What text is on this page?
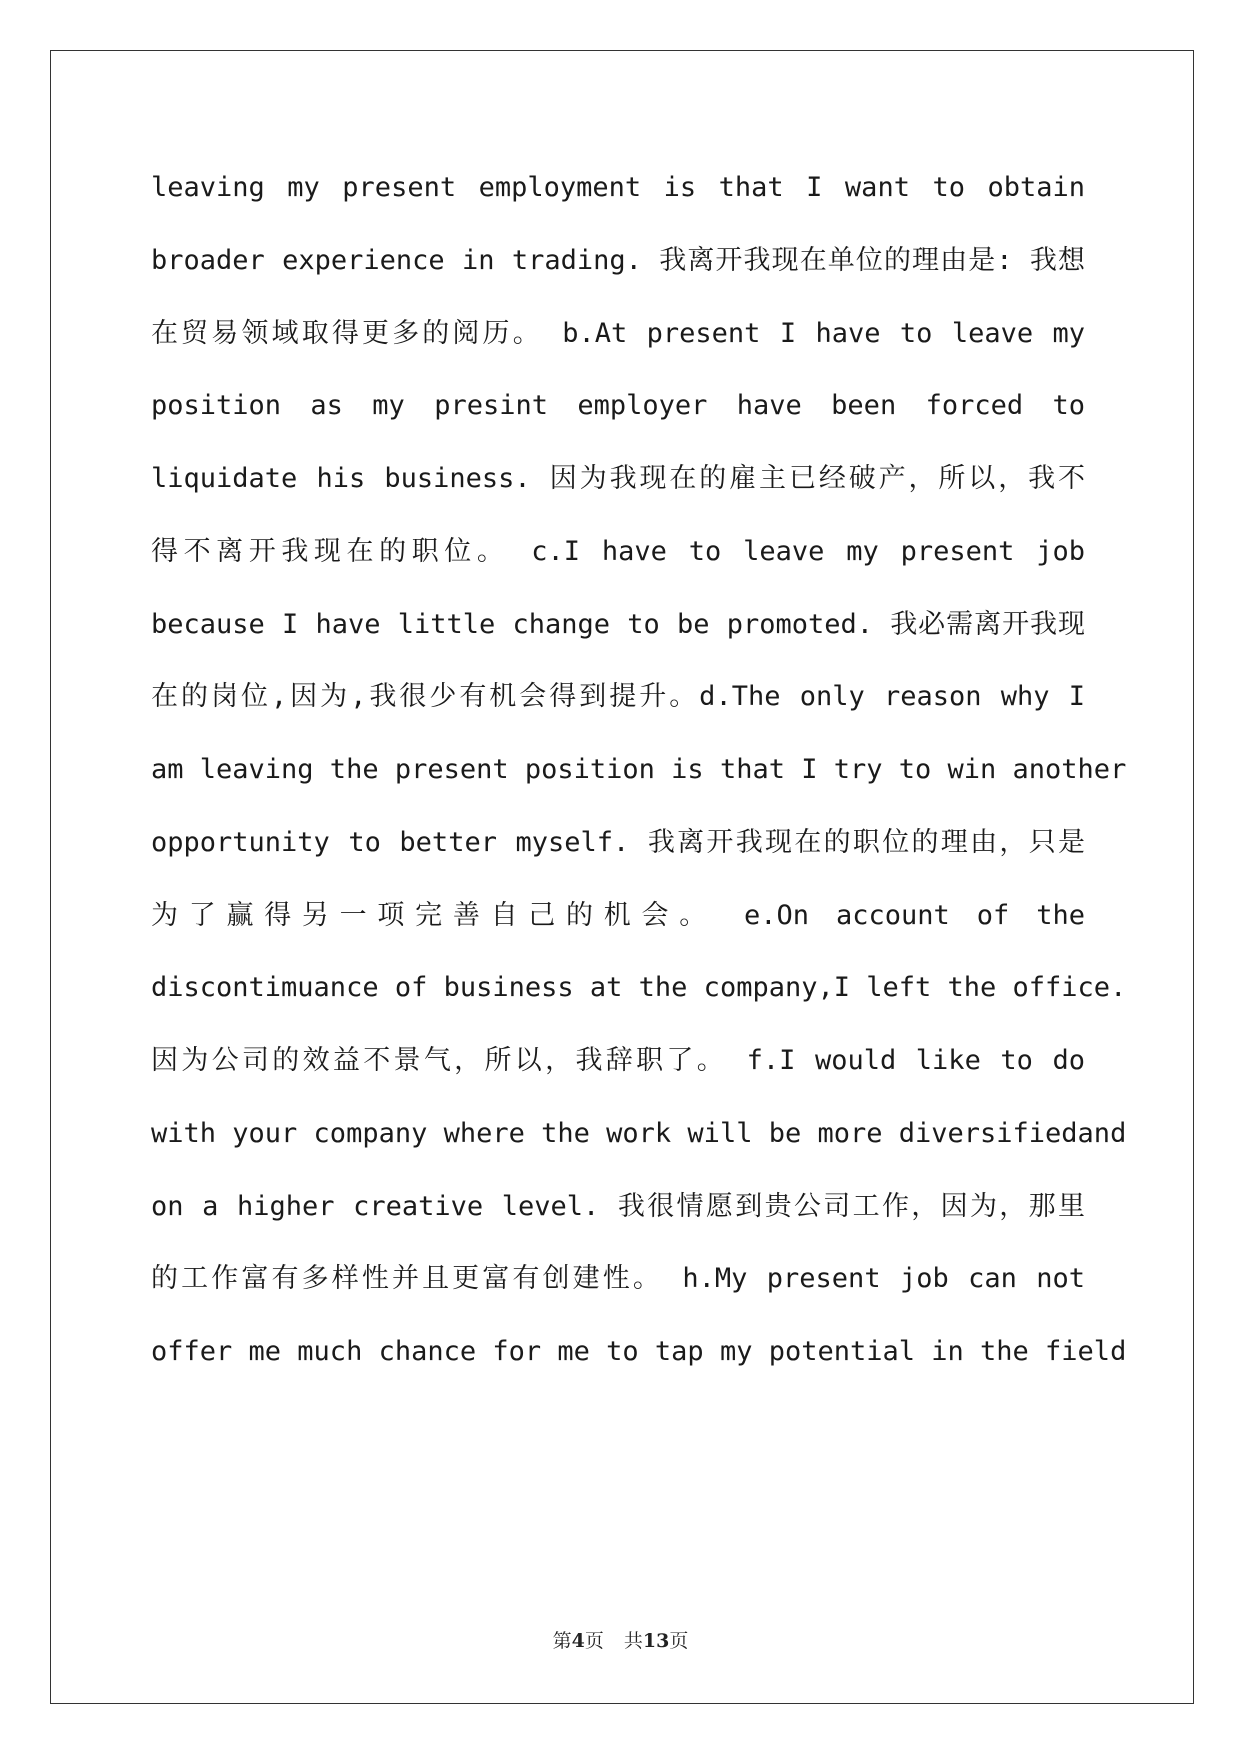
leaving my present employment is that I want to obtain
broader experience in trading. 我离开我现在单位的理由是: 我想
在贸易领域取得更多的阅历。 b.At present I have to leave my
position as my presint employer have been forced to
liquidate his business. 因为我现在的雇主已经破产，所以，我不
得不离开我现在的职位。 c.I have to leave my present job
because I have little change to be promoted. 我必需离开我现
在的岗位,因为,我很少有机会得到提升。d.The only reason why I
am leaving the present position is that I try to win another
opportunity to better myself. 我离开我现在的职位的理由，只是
为了赢得另一项完善自己的机会。 e.On account of the
discontimuance of business at the company,I left the office.
因为公司的效益不景气，所以，我辞职了。 f.I would like to do
with your company where the work will be more diversifiedand
on a higher creative level. 我很情愿到贵公司工作，因为，那里
的工作富有多样性并且更富有创建性。 h.My present job can not
offer me much chance for me to tap my potential in the field
第4页 共13页
